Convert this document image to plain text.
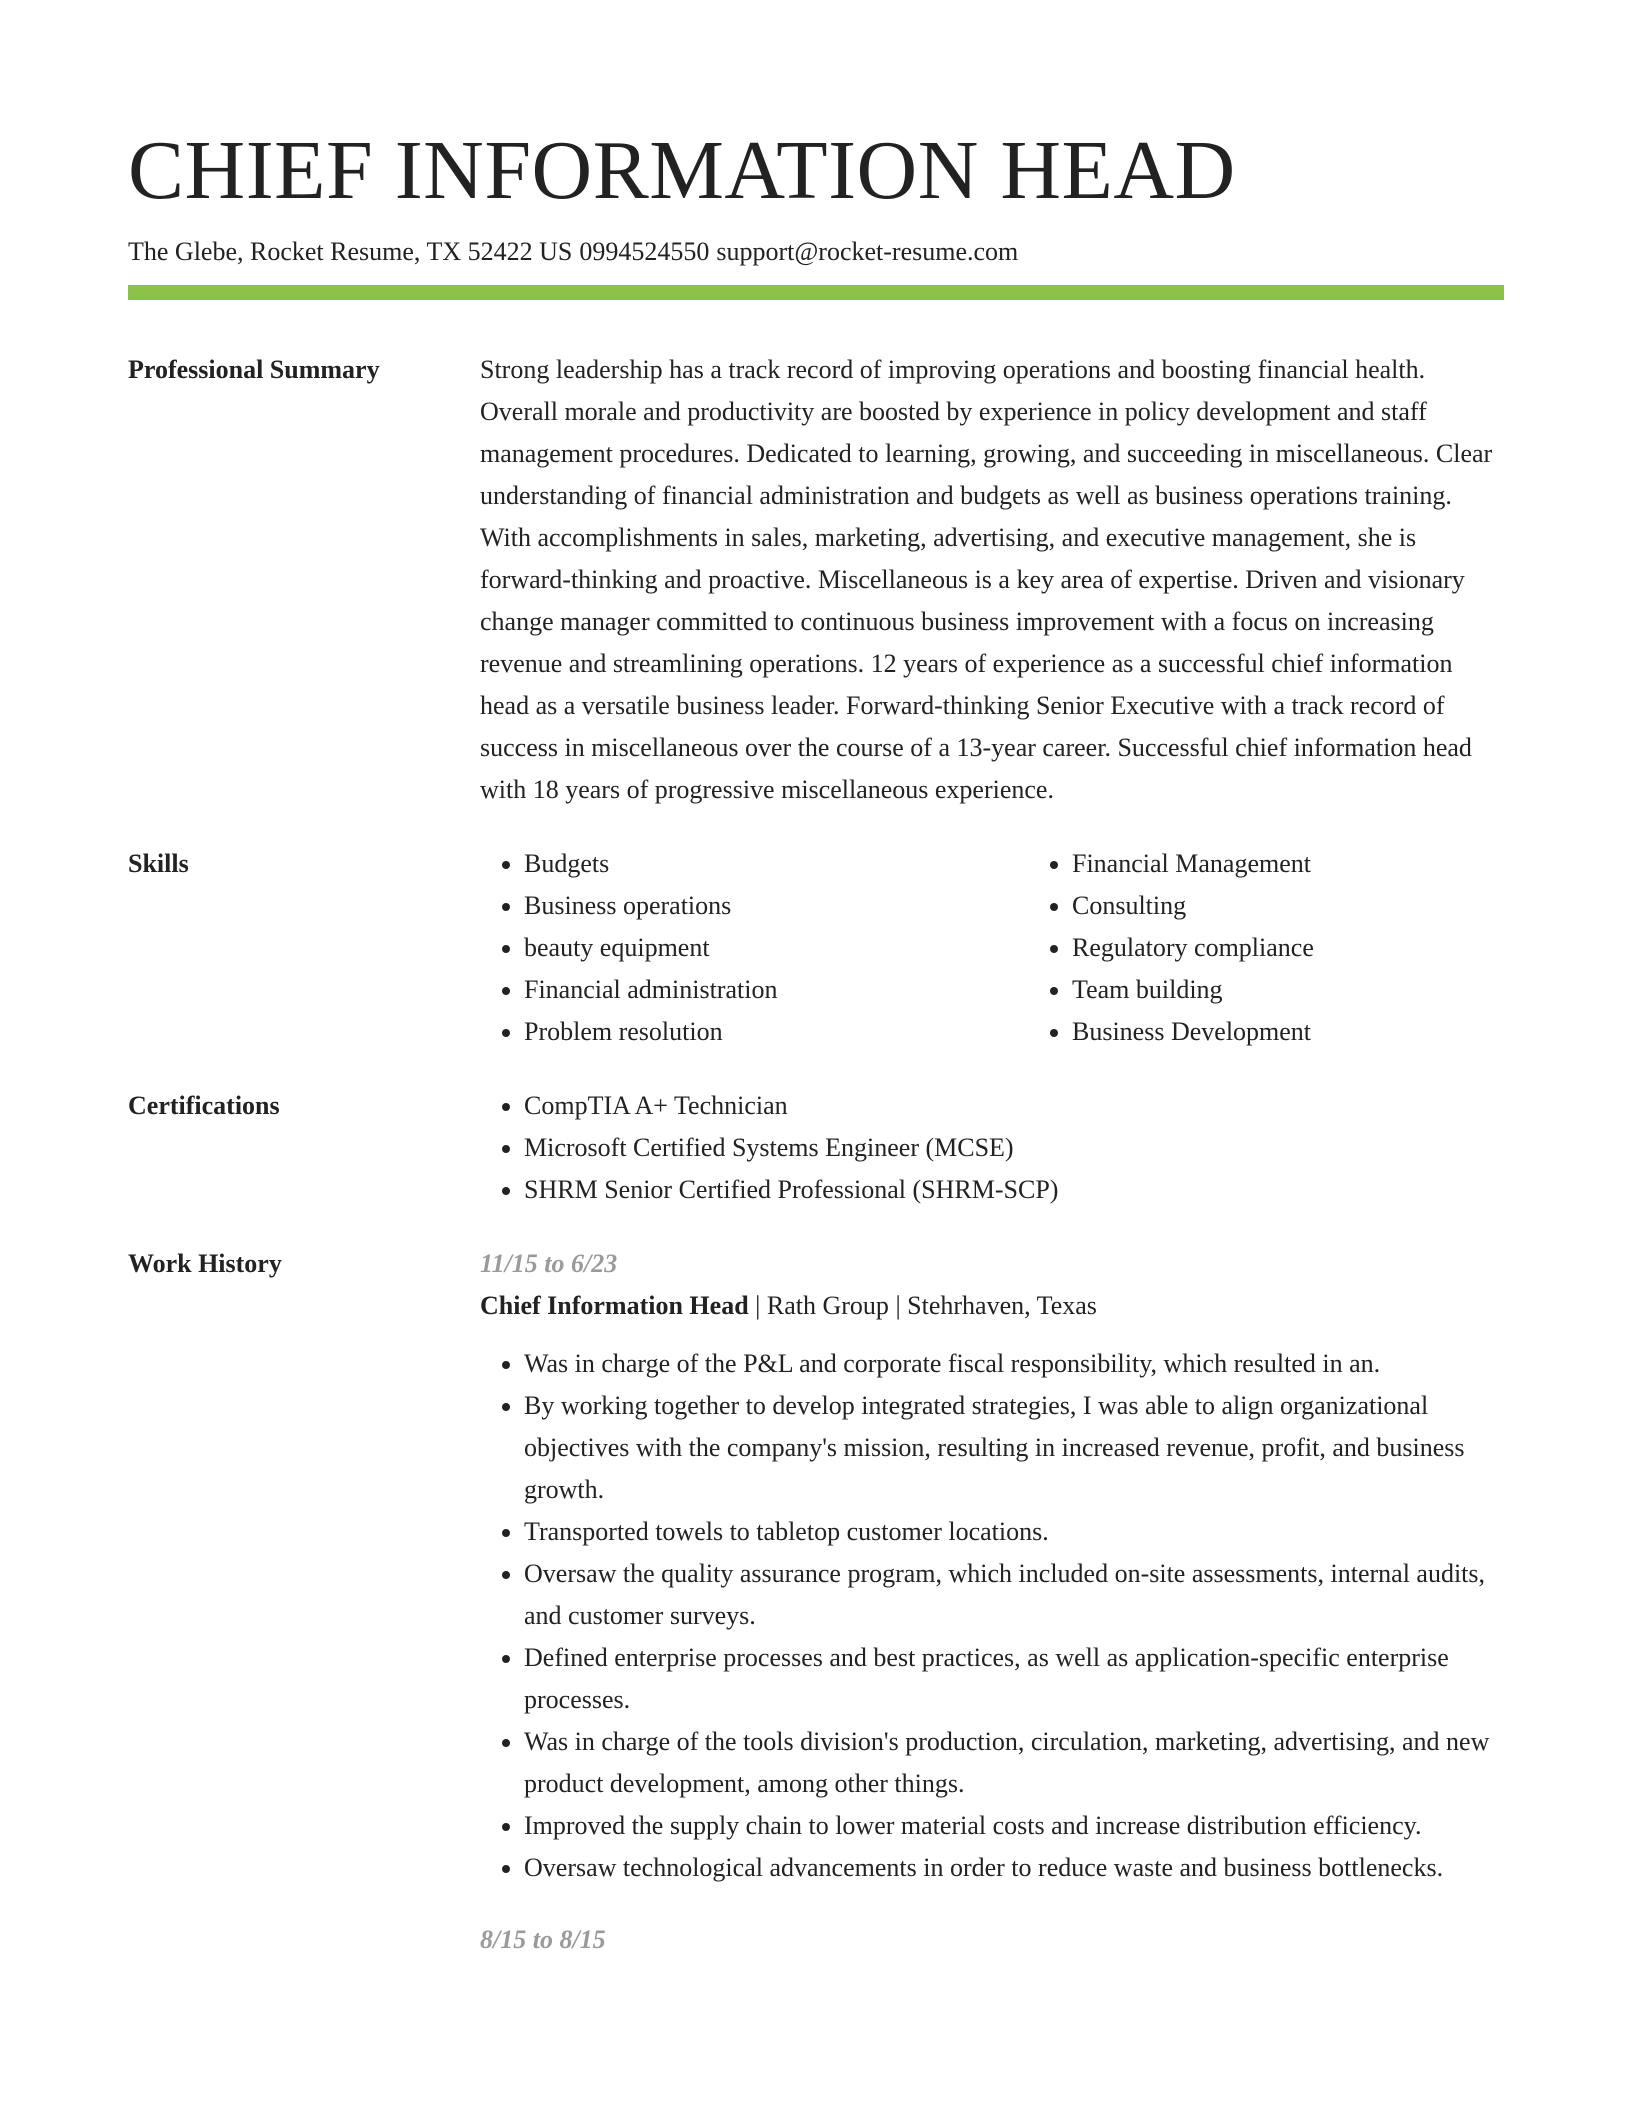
CHIEF INFORMATION HEAD
The Glebe, Rocket Resume, TX 52422 US 0994524550 support@rocket-resume.com
Professional Summary	Strong leadership has a track record of improving operations and boosting financial health. Overall morale and productivity are boosted by experience in policy development and staff management procedures. Dedicated to learning, growing, and succeeding in miscellaneous. Clear understanding of financial administration and budgets as well as business operations training. With accomplishments in sales, marketing, advertising, and executive management, she is forward-thinking and proactive. Miscellaneous is a key area of expertise. Driven and visionary change manager committed to continuous business improvement with a focus on increasing revenue and streamlining operations. 12 years of experience as a successful chief information head as a versatile business leader. Forward-thinking Senior Executive with a track record of success in miscellaneous over the course of a 13-year career. Successful chief information head with 18 years of progressive miscellaneous experience.
Skills	• Budgets
• Business operations
• beauty equipment
• Financial administration
• Problem resolution
• Financial Management
• Consulting
• Regulatory compliance
• Team building
• Business Development
Certifications	• CompTIA A+ Technician
• Microsoft Certified Systems Engineer (MCSE)
• SHRM Senior Certified Professional (SHRM-SCP)
Work History	11/15 to 6/23
Chief Information Head | Rath Group | Stehrhaven, Texas
• Was in charge of the P&L and corporate fiscal responsibility, which resulted in an.
• By working together to develop integrated strategies, I was able to align organizational objectives with the company's mission, resulting in increased revenue, profit, and business growth.
• Transported towels to tabletop customer locations.
• Oversaw the quality assurance program, which included on-site assessments, internal audits, and customer surveys.
• Defined enterprise processes and best practices, as well as application-specific enterprise processes.
• Was in charge of the tools division's production, circulation, marketing, advertising, and new product development, among other things.
• Improved the supply chain to lower material costs and increase distribution efficiency.
• Oversaw technological advancements in order to reduce waste and business bottlenecks.
8/15 to 8/15
